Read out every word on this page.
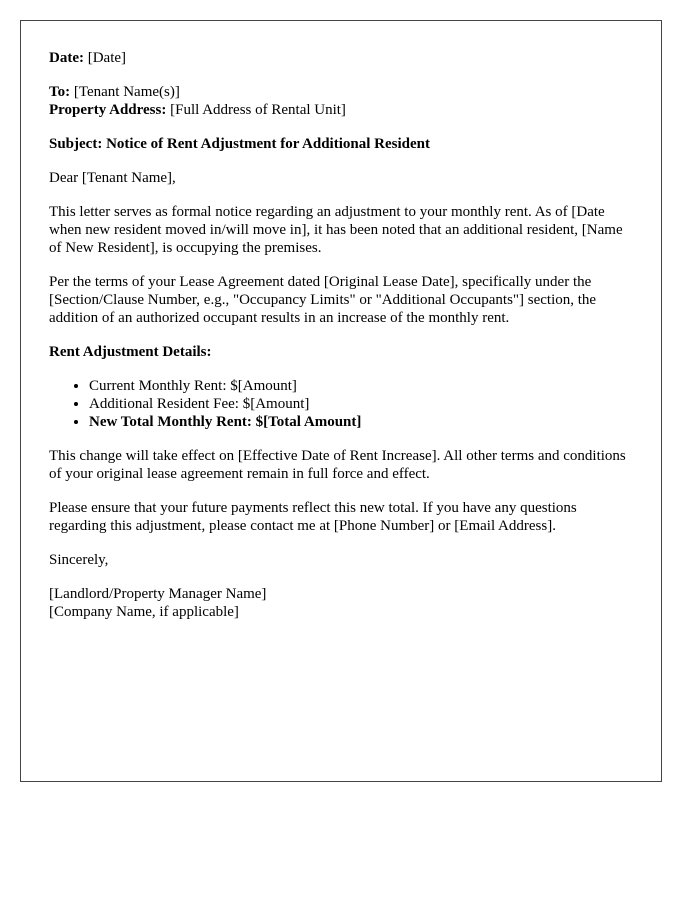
Date: [Date]

To: [Tenant Name(s)]
Property Address: [Full Address of Rental Unit]

Subject: Notice of Rent Adjustment for Additional Resident

Dear [Tenant Name],

This letter serves as formal notice regarding an adjustment to your monthly rent. As of [Date when new resident moved in/will move in], it has been noted that an additional resident, [Name of New Resident], is occupying the premises.

Per the terms of your Lease Agreement dated [Original Lease Date], specifically under the [Section/Clause Number, e.g., "Occupancy Limits" or "Additional Occupants"] section, the addition of an authorized occupant results in an increase of the monthly rent.

Rent Adjustment Details:

• Current Monthly Rent: $[Amount]
• Additional Resident Fee: $[Amount]
• New Total Monthly Rent: $[Total Amount]

This change will take effect on [Effective Date of Rent Increase]. All other terms and conditions of your original lease agreement remain in full force and effect.

Please ensure that your future payments reflect this new total. If you have any questions regarding this adjustment, please contact me at [Phone Number] or [Email Address].

Sincerely,

[Landlord/Property Manager Name]
[Company Name, if applicable]
